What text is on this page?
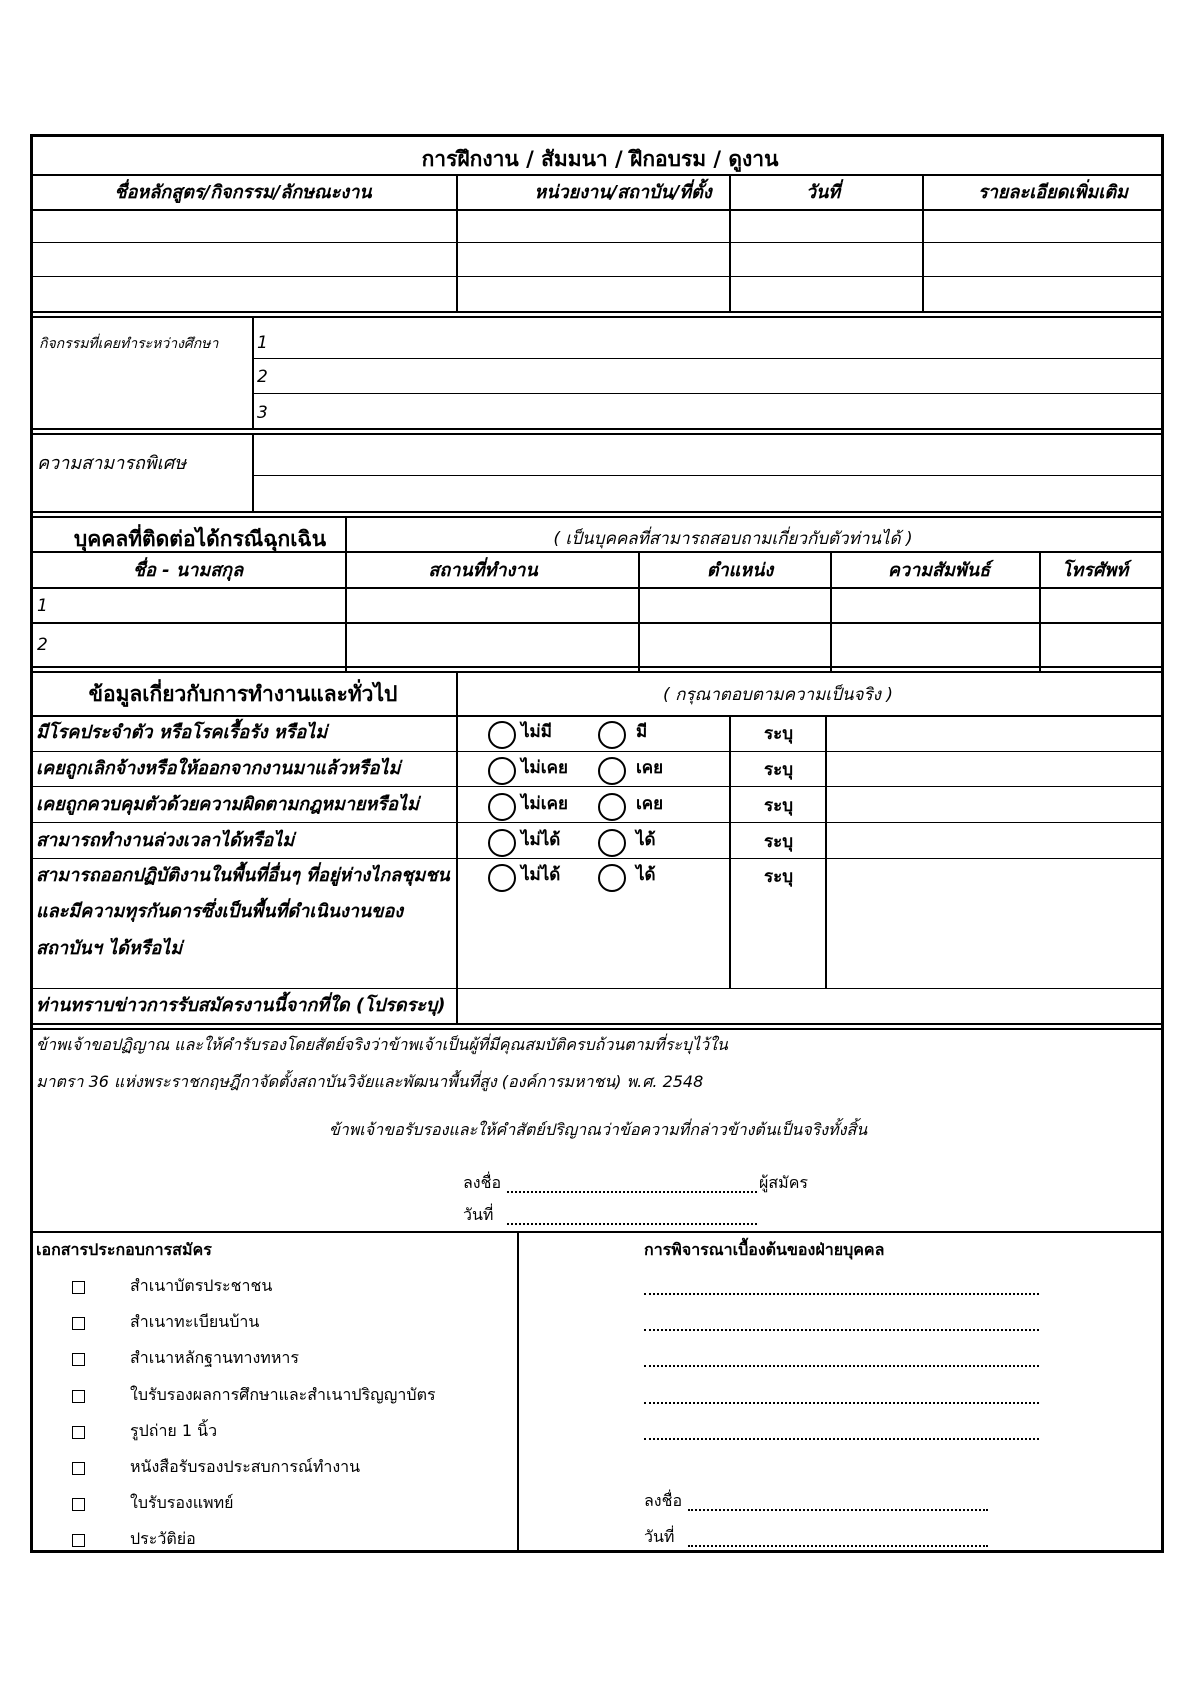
การฝึกงาน / สัมมนา / ฝึกอบรม / ดูงาน
ชื่อหลักสูตร/กิจกรรม/ลักษณะงาน	หน่วยงาน/สถาบัน/ที่ตั้ง	วันที่	รายละเอียดเพิ่มเติม
กิจกรรมที่เคยทำระหว่างศึกษา 1
2
3
ความสามารถพิเศษ
บุคคลที่ติดต่อได้กรณีฉุกเฉิน	( เป็นบุคคลที่สามารถสอบถามเกี่ยวกับตัวท่านได้ )
ชื่อ - นามสกุล	สถานที่ทำงาน	ตำแหน่ง	ความสัมพันธ์	โทรศัพท์
1
2
ข้อมูลเกี่ยวกับการทำงานและทั่วไป	( กรุณาตอบตามความเป็นจริง )
มีโรคประจำตัว หรือโรคเรื้อรัง หรือไม่	ไม่มี	มี	ระบุ
เคยถูกเลิกจ้างหรือให้ออกจากงานมาแล้วหรือไม่	ไม่เคย	เคย	ระบุ
เคยถูกควบคุมตัวด้วยความผิดตามกฎหมายหรือไม่	ไม่เคย	เคย	ระบุ
สามารถทำงานล่วงเวลาได้หรือไม่	ไม่ได้	ได้	ระบุ
สามารถออกปฏิบัติงานในพื้นที่อื่นๆ ที่อยู่ห่างไกลชุมชน
และมีความทุรกันดารซึ่งเป็นพื้นที่ดำเนินงานของ
สถาบันฯ ได้หรือไม่
ไม่ได้	ได้	ระบุ
ท่านทราบข่าวการรับสมัครงานนี้จากที่ใด (โปรดระบุ)
ข้าพเจ้าขอปฏิญาณ และให้คำรับรองโดยสัตย์จริงว่าข้าพเจ้าเป็นผู้ที่มีคุณสมบัติครบถ้วนตามที่ระบุไว้ใน
มาตรา 36 แห่งพระราชกฤษฎีกาจัดตั้งสถาบันวิจัยและพัฒนาพื้นที่สูง (องค์การมหาชน) พ.ศ. 2548
ข้าพเจ้าขอรับรองและให้คำสัตย์ปริญาณว่าข้อความที่กล่าวข้างต้นเป็นจริงทั้งสิ้น
ลงชื่อ	ผู้สมัคร
วันที่
เอกสารประกอบการสมัคร	การพิจารณาเบื้องต้นของฝ่ายบุคคล
สำเนาบัตรประชาชน
สำเนาทะเบียนบ้าน
สำเนาหลักฐานทางทหาร
ใบรับรองผลการศึกษาและสำเนาปริญญาบัตร
รูปถ่าย 1 นิ้ว
หนังสือรับรองประสบการณ์ทำงาน
ใบรับรองแพทย์
ประวัติย่อ
ลงชื่อ
วันที่
